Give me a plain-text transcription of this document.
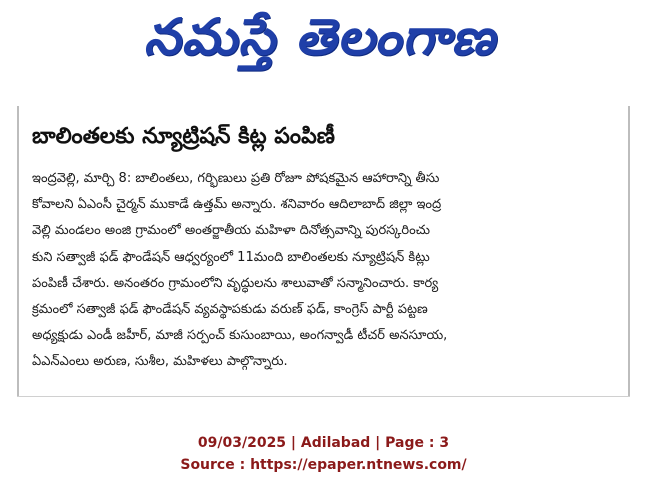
నమస్తే తెలంగాణ
బాలింతలకు న్యూట్రిషన్ కిట్ల పంపిణీ
ఇంద్రవెల్లి, మార్చి 8: బాలింతలు, గర్భిణులు ప్రతి రోజూ పోషకమైన ఆహారాన్ని తీసు
కోవాలని ఏఎంసీ చైర్మన్ ముకాడే ఉత్తమ్ అన్నారు. శనివారం ఆదిలాబాద్ జిల్లా ఇంద్ర
వెల్లి మండలం అంజి గ్రామంలో అంతర్జాతీయ మహిళా దినోత్సవాన్ని పురస్కరించు
కుని సత్వాజీ ఫడ్ ఫౌండేషన్ ఆధ్వర్యంలో 11మంది బాలింతలకు న్యూట్రిషన్ కిట్లు
పంపిణీ చేశారు. అనంతరం గ్రామంలోని వృద్ధులను శాలువాతో సన్మానించారు. కార్య
క్రమంలో సత్వాజీ ఫడ్ ఫౌండేషన్ వ్యవస్థాపకుడు వరుణ్ ఫడ్, కాంగ్రెస్ పార్టీ పట్టణ
అధ్యక్షుడు ఎండీ జహీర్, మాజీ సర్పంచ్ కుసుంబాయి, అంగన్వాడీ టీచర్ అనసూయ,
ఏఎన్ఎంలు అరుణ, సుశీల, మహిళలు పాల్గొన్నారు.
09/03/2025 | Adilabad | Page : 3
Source : https://epaper.ntnews.com/
